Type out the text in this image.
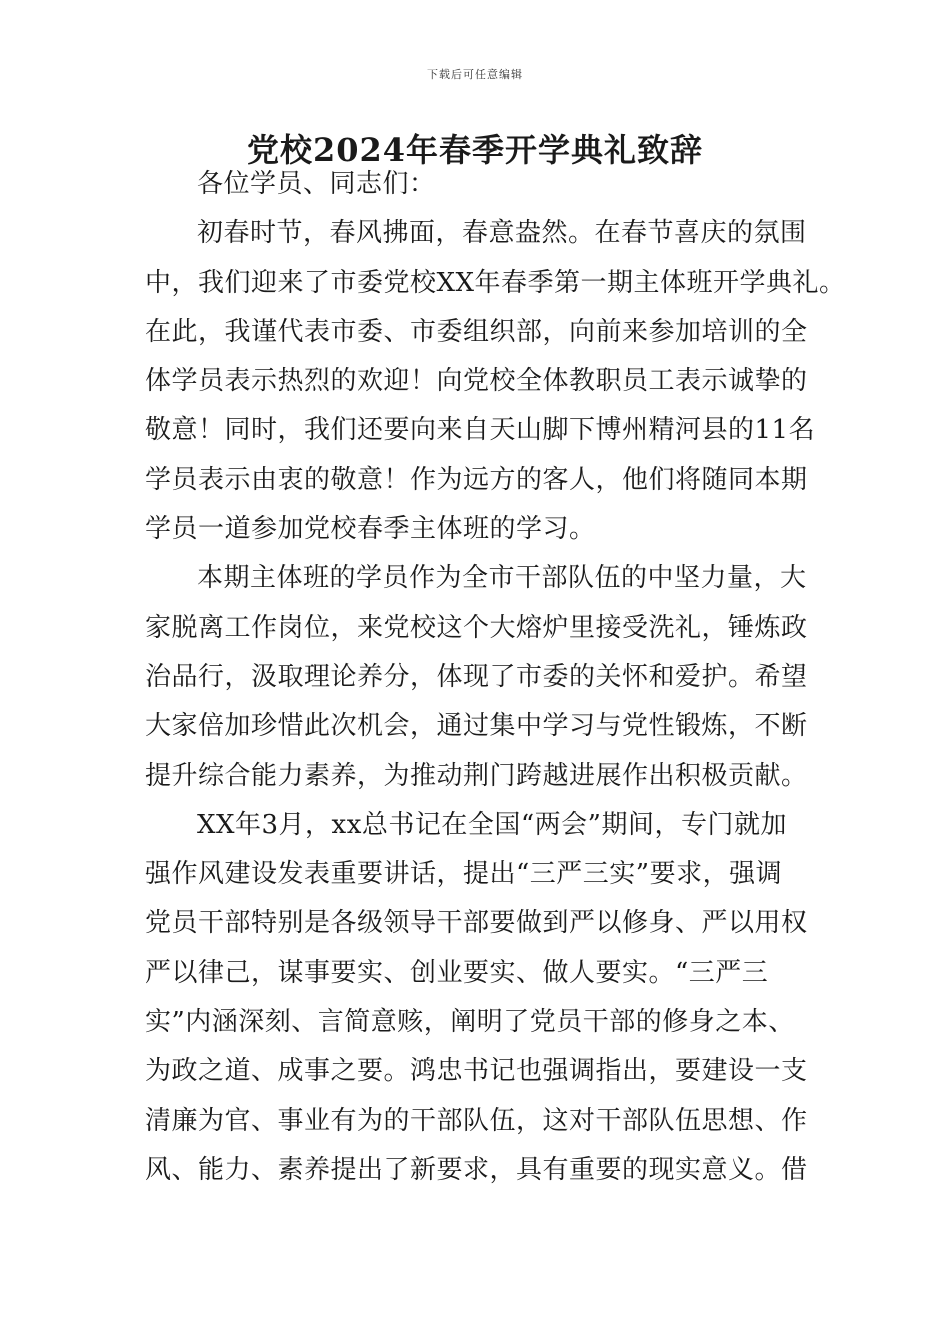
下载后可任意编辑
党校2024年春季开学典礼致辞
各位学员、同志们：
初春时节，春风拂面，春意盎然。在春节喜庆的氛围
中，我们迎来了市委党校XX年春季第一期主体班开学典礼。
在此，我谨代表市委、市委组织部，向前来参加培训的全
体学员表示热烈的欢迎！向党校全体教职员工表示诚挚的
敬意！同时，我们还要向来自天山脚下博州精河县的11名
学员表示由衷的敬意！作为远方的客人，他们将随同本期
学员一道参加党校春季主体班的学习。
本期主体班的学员作为全市干部队伍的中坚力量，大
家脱离工作岗位，来党校这个大熔炉里接受洗礼，锤炼政
治品行，汲取理论养分，体现了市委的关怀和爱护。希望
大家倍加珍惜此次机会，通过集中学习与党性锻炼，不断
提升综合能力素养，为推动荆门跨越进展作出积极贡献。
XX年3月，xx总书记在全国“两会”期间，专门就加
强作风建设发表重要讲话，提出“三严三实”要求，强调
党员干部特别是各级领导干部要做到严以修身、严以用权
严以律己，谋事要实、创业要实、做人要实。“三严三
实”内涵深刻、言简意赅，阐明了党员干部的修身之本、
为政之道、成事之要。鸿忠书记也强调指出，要建设一支
清廉为官、事业有为的干部队伍，这对干部队伍思想、作
风、能力、素养提出了新要求，具有重要的现实意义。借
